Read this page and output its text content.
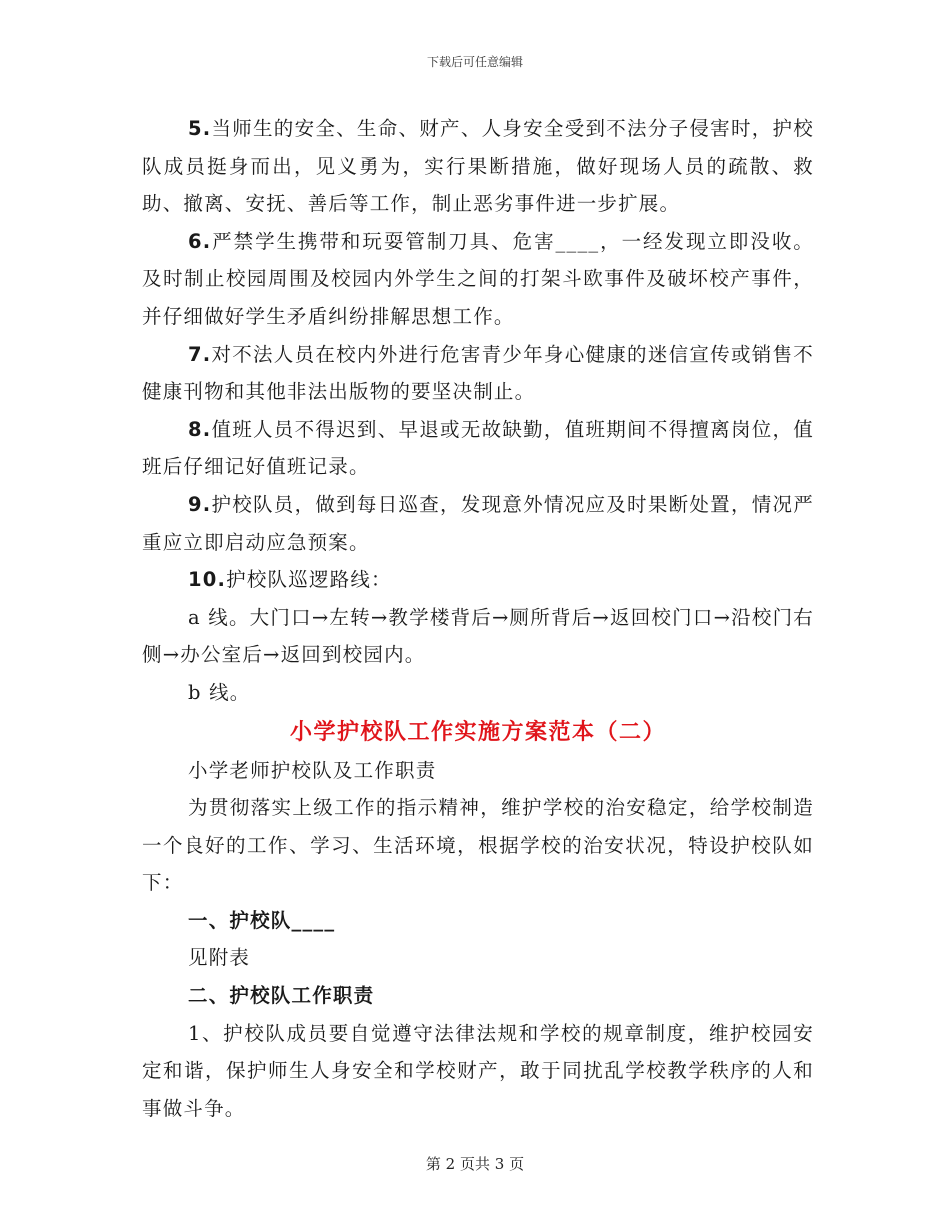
下载后可任意编辑

5.当师生的安全、生命、财产、人身安全受到不法分子侵害时，护校队成员挺身而出，见义勇为，实行果断措施，做好现场人员的疏散、救助、撤离、安抚、善后等工作，制止恶劣事件进一步扩展。

6.严禁学生携带和玩耍管制刀具、危害____，一经发现立即没收。及时制止校园周围及校园内外学生之间的打架斗欧事件及破坏校产事件，并仔细做好学生矛盾纠纷排解思想工作。

7.对不法人员在校内外进行危害青少年身心健康的迷信宣传或销售不健康刊物和其他非法出版物的要坚决制止。

8.值班人员不得迟到、早退或无故缺勤，值班期间不得擅离岗位，值班后仔细记好值班记录。

9.护校队员，做到每日巡查，发现意外情况应及时果断处置，情况严重应立即启动应急预案。

10.护校队巡逻路线：

a 线。大门口→左转→教学楼背后→厕所背后→返回校门口→沿校门右侧→办公室后→返回到校园内。

b 线。

小学护校队工作实施方案范本（二）

小学老师护校队及工作职责

为贯彻落实上级工作的指示精神，维护学校的治安稳定，给学校制造一个良好的工作、学习、生活环境，根据学校的治安状况，特设护校队如下：

一、护校队____

见附表

二、护校队工作职责

1、护校队成员要自觉遵守法律法规和学校的规章制度，维护校园安定和谐，保护师生人身安全和学校财产，敢于同扰乱学校教学秩序的人和事做斗争。

第 2 页共 3 页
